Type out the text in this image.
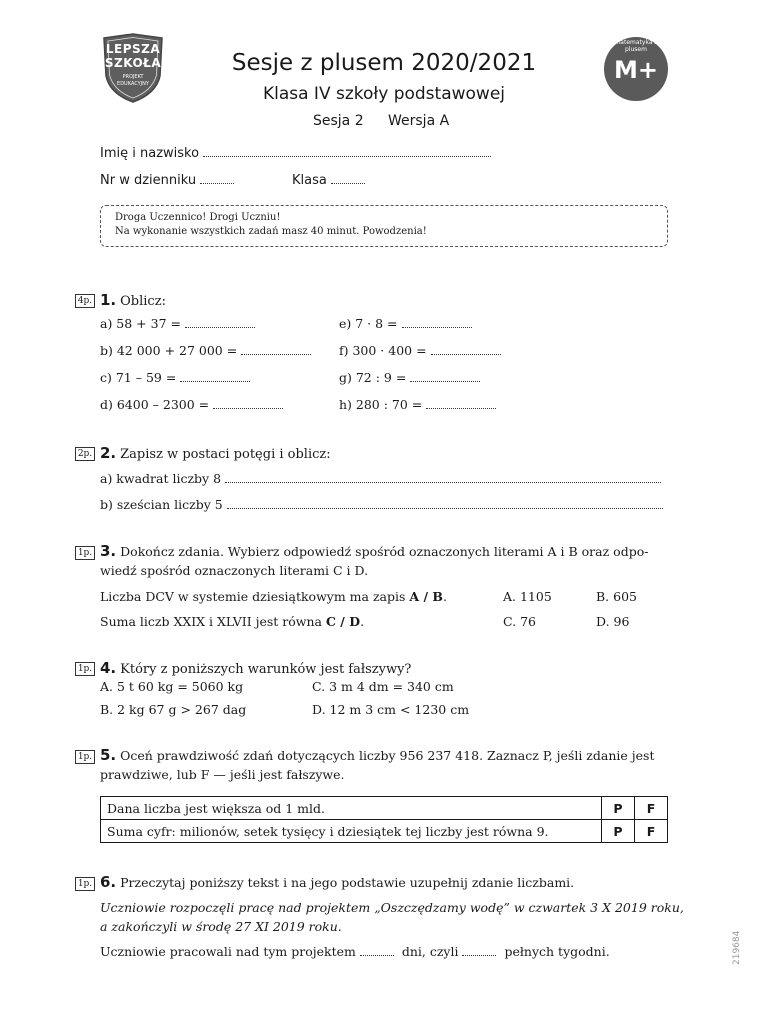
LEPSZA
SZKOŁA
PROJEKT
EDUKACYJNY
Sesje z plusem 2020/2021
Klasa IV szkoły podstawowej
Sesja 2 Wersja A
M+
matematyka z plusem
Imię i nazwisko
Nr w dzienniku	Klasa
Droga Uczennico! Drogi Uczniu!
Na wykonanie wszystkich zadań masz 40 minut. Powodzenia!
4p. 1. Oblicz:
a) 58 + 37 =	e) 7 · 8 =
b) 42 000 + 27 000 =	f) 300 · 400 =
c) 71 – 59 =	g) 72 : 9 =
d) 6400 – 2300 =	h) 280 : 70 =
2p. 2. Zapisz w postaci potęgi i oblicz:
a) kwadrat liczby 8
b) sześcian liczby 5
1p. 3. Dokończ zdania. Wybierz odpowiedź spośród oznaczonych literami A i B oraz odpo-
wiedź spośród oznaczonych literami C i D.
Liczba DCV w systemie dziesiątkowym ma zapis A / B.
Suma liczb XXIX i XLVII jest równa C / D.
A. 1105	B. 605
C. 76	D. 96
1p. 4. Który z poniższych warunków jest fałszywy?
A. 5 t 60 kg = 5060 kg	C. 3 m 4 dm = 340 cm
B. 2 kg 67 g > 267 dag	D. 12 m 3 cm < 1230 cm
1p. 5. Oceń prawdziwość zdań dotyczących liczby 956 237 418. Zaznacz P, jeśli zdanie jest
prawdziwe, lub F — jeśli jest fałszywe.
Dana liczba jest większa od 1 mld.	P	F
Suma cyfr: milionów, setek tysięcy i dziesiątek tej liczby jest równa 9.	P	F
1p. 6. Przeczytaj poniższy tekst i na jego podstawie uzupełnij zdanie liczbami.
Uczniowie rozpoczęli pracę nad projektem „Oszczędzamy wodę” w czwartek 3 X 2019 roku,
a zakończyli w środę 27 XI 2019 roku.
Uczniowie pracowali nad tym projektem	dni, czyli	pełnych tygodni.	219684
